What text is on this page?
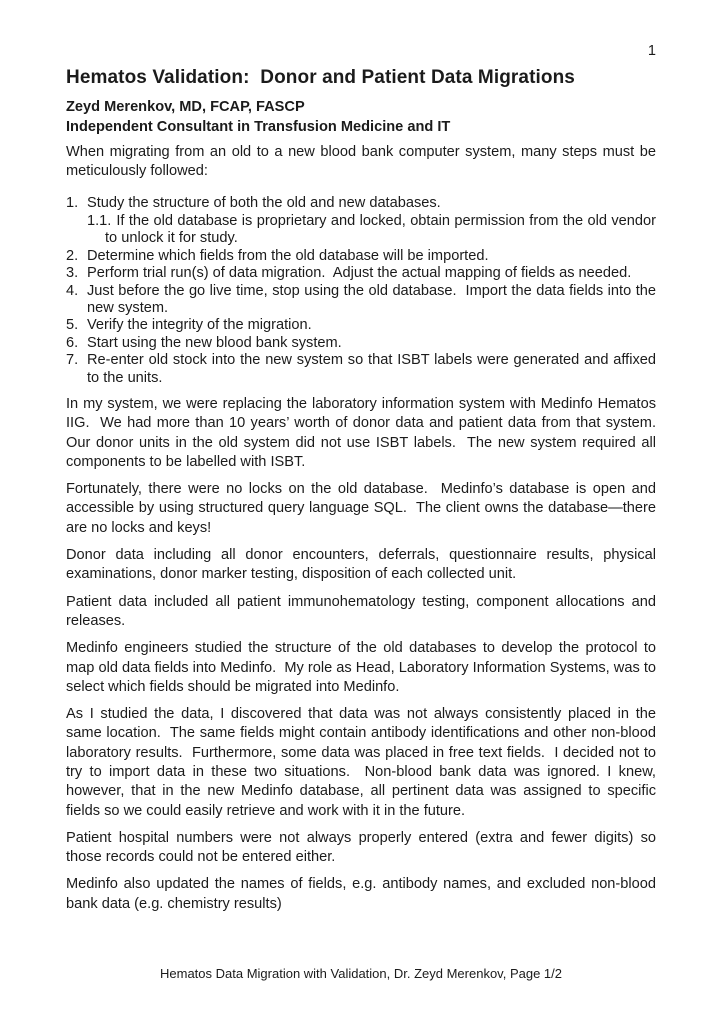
1
Hematos Validation:  Donor and Patient Data Migrations
Zeyd Merenkov, MD, FCAP, FASCP
Independent Consultant in Transfusion Medicine and IT

When migrating from an old to a new blood bank computer system, many steps must be meticulously followed:

1. Study the structure of both the old and new databases.
1.1. If the old database is proprietary and locked, obtain permission from the old vendor to unlock it for study.
2. Determine which fields from the old database will be imported.
3. Perform trial run(s) of data migration.  Adjust the actual mapping of fields as needed.
4. Just before the go live time, stop using the old database.  Import the data fields into the new system.
5. Verify the integrity of the migration.
6. Start using the new blood bank system.
7. Re-enter old stock into the new system so that ISBT labels were generated and affixed to the units.

In my system, we were replacing the laboratory information system with Medinfo Hematos IIG.  We had more than 10 years’ worth of donor data and patient data from that system.  Our donor units in the old system did not use ISBT labels.  The new system required all components to be labelled with ISBT.

Fortunately, there were no locks on the old database.  Medinfo’s database is open and accessible by using structured query language SQL.  The client owns the database—there are no locks and keys!

Donor data including all donor encounters, deferrals, questionnaire results, physical examinations, donor marker testing, disposition of each collected unit.

Patient data included all patient immunohematology testing, component allocations and releases.

Medinfo engineers studied the structure of the old databases to develop the protocol to map old data fields into Medinfo.  My role as Head, Laboratory Information Systems, was to select which fields should be migrated into Medinfo.

As I studied the data, I discovered that data was not always consistently placed in the same location.  The same fields might contain antibody identifications and other non-blood laboratory results.  Furthermore, some data was placed in free text fields.  I decided not to try to import data in these two situations.  Non-blood bank data was ignored. I knew, however, that in the new Medinfo database, all pertinent data was assigned to specific fields so we could easily retrieve and work with it in the future.

Patient hospital numbers were not always properly entered (extra and fewer digits) so those records could not be entered either.

Medinfo also updated the names of fields, e.g. antibody names, and excluded non-blood bank data (e.g. chemistry results)

Hematos Data Migration with Validation, Dr. Zeyd Merenkov, Page 1/2
